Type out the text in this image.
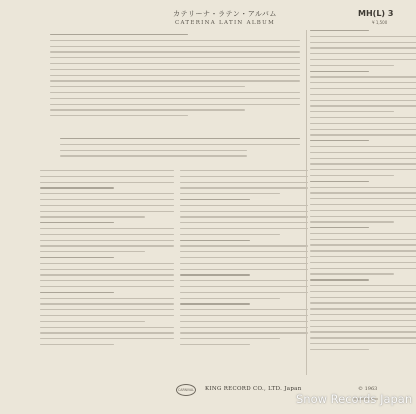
カテリーナ・ラテン・アルバム
CATERINA LATIN ALBUM
MH(L) 3
¥ 1,500
CARNIVAL	KING RECORD CO., LTD. Japan	© 1963
Snow Records Japan
